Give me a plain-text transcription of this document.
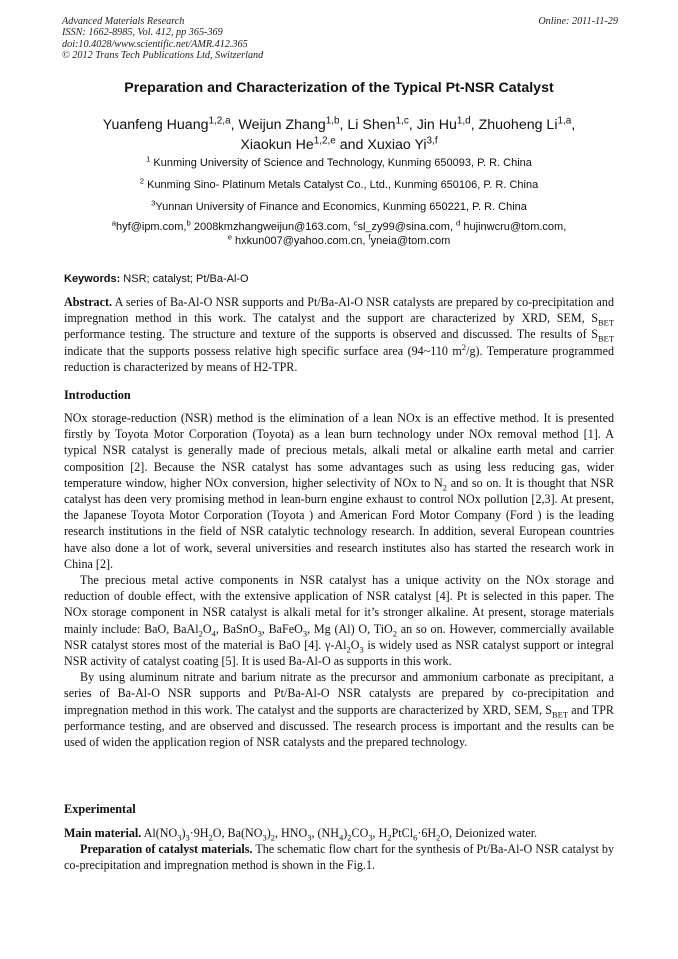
Advanced Materials Research
ISSN: 1662-8985, Vol. 412, pp 365-369
doi:10.4028/www.scientific.net/AMR.412.365
© 2012 Trans Tech Publications Ltd, Switzerland
Online: 2011-11-29
Preparation and Characterization of the Typical Pt-NSR Catalyst
Yuanfeng Huang$^{1,2,a}$, Weijun Zhang$^{1,b}$, Li Shen$^{1,c}$, Jin Hu$^{1,d}$, Zhuoheng Li$^{1,a}$,
Xiaokun He$^{1,2,e}$ and Xuxiao Yi$^{3,f}$
$^1$ Kunming University of Science and Technology, Kunming 650093, P. R. China
$^2$ Kunming Sino- Platinum Metals Catalyst Co., Ltd., Kunming 650106, P. R. China
$^3$Yunnan University of Finance and Economics, Kunming 650221, P. R. China
$^a$hyf@ipm.com,$^b$ 2008kmzhangweijun@163.com, $^c$sl_zy99@sina.com, $^d$ hujinwcru@tom.com,
$^e$ hxkun007@yahoo.com.cn, $^f$yneia@tom.com
Keywords: NSR; catalyst; Pt/Ba-Al-O

Abstract. A series of Ba-Al-O NSR supports and Pt/Ba-Al-O NSR catalysts are prepared by co-precipitation and impregnation method in this work. The catalyst and the support are characterized by XRD, SEM, $S_{BET}$ performance testing. The structure and texture of the supports is observed and discussed. The results of $S_{BET}$ indicate that the supports possess relative high specific surface area (94~110 $m^2/g$). Temperature programmed reduction is characterized by means of H2-TPR.

Introduction

NOx storage-reduction (NSR) method is the elimination of a lean NOx is an effective method. It is presented firstly by Toyota Motor Corporation (Toyota) as a lean burn technology under NOx removal method [1]. A typical NSR catalyst is generally made of precious metals, alkali metal or alkaline earth metal and carrier composition [2]. Because the NSR catalyst has some advantages such as using less reducing gas, wider temperature window, higher NOx conversion, higher selectivity of NOx to $N_2$ and so on. It is thought that NSR catalyst has deen very promising method in lean-burn engine exhaust to control NOx pollution [2,3]. At present, the Japanese Toyota Motor Corporation (Toyota ) and American Ford Motor Company (Ford ) is the leading research institutions in the field of NSR catalytic technology research. In addition, several European countries have also done a lot of work, several universities and research institutes also has started the research work in China [2].

The precious metal active components in NSR catalyst has a unique activity on the NOx storage and reduction of double effect, with the extensive application of NSR catalyst [4]. Pt is selected in this paper. The NOx storage component in NSR catalyst is alkali metal for it’s stronger alkaline. At present, storage materials mainly include: BaO, $BaAl_2O_4$, BaSnO$_3$, BaFeO$_3$, Mg (Al) O, TiO$_2$ an so on. However, commercially available NSR catalyst stores most of the material is BaO [4]. $\gamma-Al_2O_3$ is widely used as NSR catalyst support or integral NSR activity of catalyst coating [5]. It is used Ba-Al-O as supports in this work.

By using aluminum nitrate and barium nitrate as the precursor and ammonium carbonate as precipitant, a series of Ba-Al-O NSR supports and Pt/Ba-Al-O NSR catalysts are prepared by co-precipitation and impregnation method in this work. The catalyst and the supports are characterized by XRD, SEM, $S_{BET}$ and TPR performance testing, and are observed and discussed. The research process is important and the results can be used of widen the application region of NSR catalysts and the prepared technology.

Experimental

Main material. $Al(NO_3)_3\cdot 9H_2O$, $Ba(NO_3)_2$, $HNO_3$, $(NH_4)_2CO_3$, $H_2PtCl_6\cdot 6H_2O$, Deionized water.

Preparation of catalyst materials. The schematic flow chart for the synthesis of Pt/Ba-Al-O NSR catalyst by co-precipitation and impregnation method is shown in the Fig.1.
